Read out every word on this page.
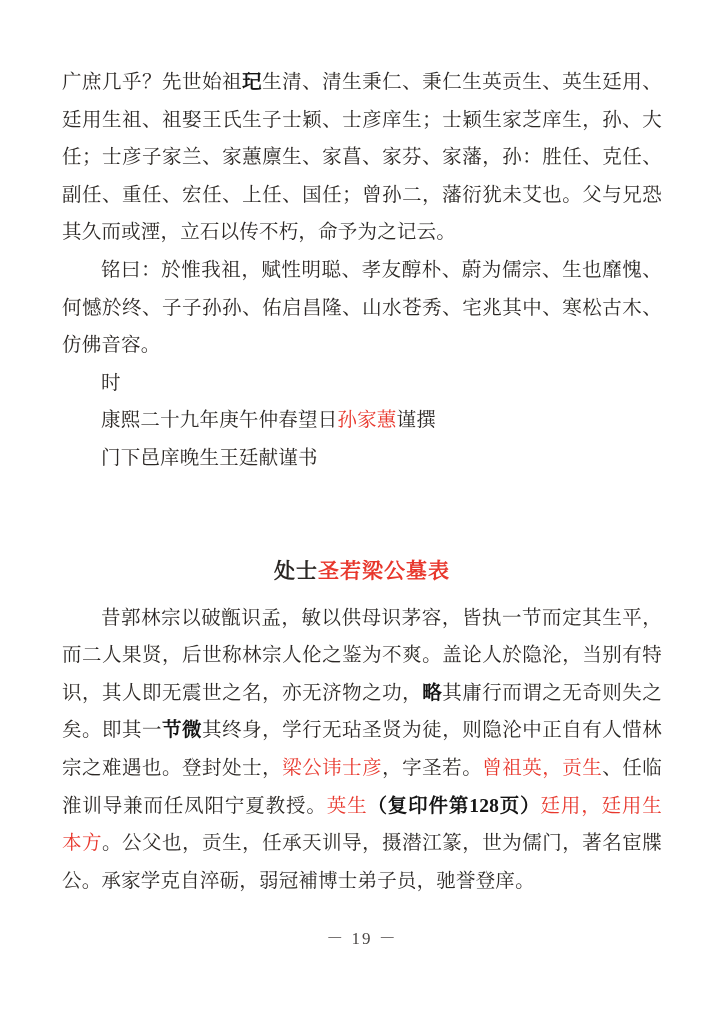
广庶几乎？先世始祖玘生清、清生秉仁、秉仁生英贡生、英生廷用、廷用生祖、祖娶王氏生子士颖、士彦庠生；士颖生家芝庠生，孙、大任；士彦子家兰、家蕙廪生、家菖、家芬、家藩，孙：胜任、克任、副任、重任、宏任、上任、国任；曾孙二，藩衍犹未艾也。父与兄恐其久而或湮，立石以传不朽，命予为之记云。

铭曰：於惟我祖，赋性明聪、孝友醇朴、蔚为儒宗、生也靡愧、何憾於终、子子孙孙、佑启昌隆、山水苍秀、宅兆其中、寒松古木、仿佛音容。

时

康熙二十九年庚午仲春望日孙家蕙谨撰

门下邑庠晚生王廷献谨书

处士圣若梁公墓表

昔郭林宗以破甑识孟，敏以供母识茅容，皆执一节而定其生平，而二人果贤，后世称林宗人伦之鉴为不爽。盖论人於隐沦，当别有特识，其人即无震世之名，亦无济物之功，略其庸行而谓之无奇则失之矣。即其一节微其终身，学行无玷圣贤为徒，则隐沦中正自有人惜林宗之难遇也。登封处士，梁公讳士彦，字圣若。曾祖英，贡生、任临淮训导兼而任凤阳宁夏教授。英生（复印件第128页）廷用，廷用生本方。公父也，贡生，任承天训导，摄潜江篆，世为儒门，著名宦牒公。承家学克自淬砺，弱冠補博士弟子员，驰誉登庠。

－ 19 －
